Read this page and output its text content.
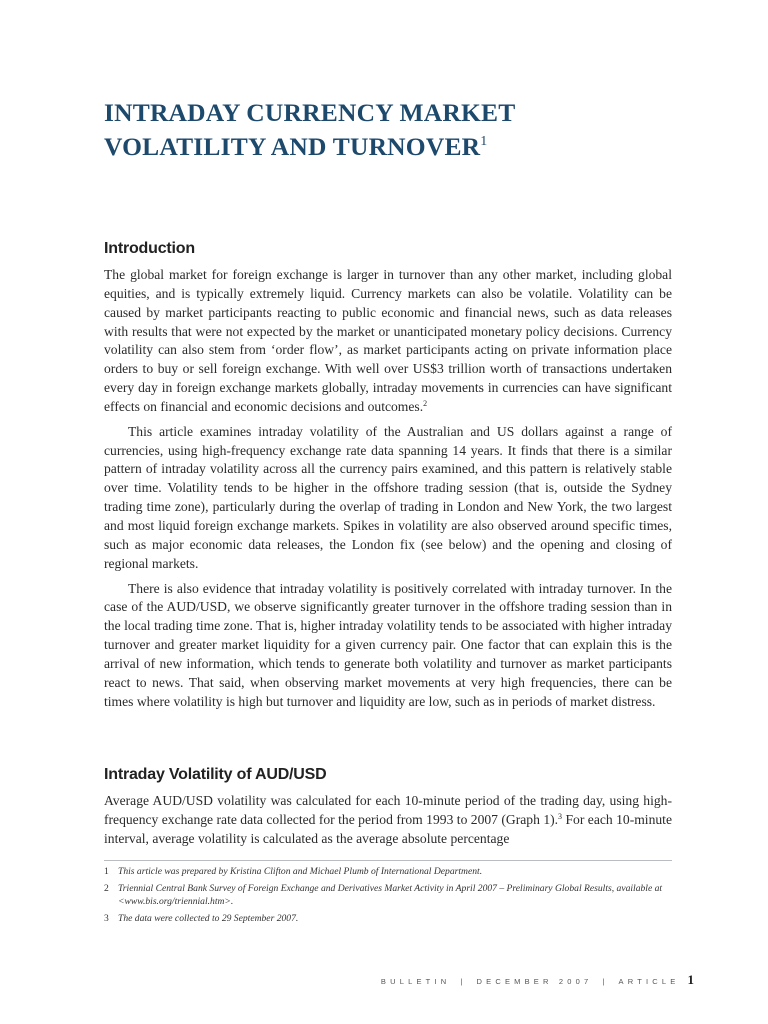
INTRADAY CURRENCY MARKET
VOLATILITY AND TURNOVER$^1$
Introduction

The global market for foreign exchange is larger in turnover than any other market, including global equities, and is typically extremely liquid. Currency markets can also be volatile. Volatility can be caused by market participants reacting to public economic and financial news, such as data releases with results that were not expected by the market or unanticipated monetary policy decisions. Currency volatility can also stem from ‘order flow’, as market participants acting on private information place orders to buy or sell foreign exchange. With well over US$3 trillion worth of transactions undertaken every day in foreign exchange markets globally, intraday movements in currencies can have significant effects on financial and economic decisions and outcomes.$^2$

This article examines intraday volatility of the Australian and US dollars against a range of currencies, using high-frequency exchange rate data spanning 14 years. It finds that there is a similar pattern of intraday volatility across all the currency pairs examined, and this pattern is relatively stable over time. Volatility tends to be higher in the offshore trading session (that is, outside the Sydney trading time zone), particularly during the overlap of trading in London and New York, the two largest and most liquid foreign exchange markets. Spikes in volatility are also observed around specific times, such as major economic data releases, the London fix (see below) and the opening and closing of regional markets.

There is also evidence that intraday volatility is positively correlated with intraday turnover. In the case of the AUD/USD, we observe significantly greater turnover in the offshore trading session than in the local trading time zone. That is, higher intraday volatility tends to be associated with higher intraday turnover and greater market liquidity for a given currency pair. One factor that can explain this is the arrival of new information, which tends to generate both volatility and turnover as market participants react to news. That said, when observing market movements at very high frequencies, there can be times where volatility is high but turnover and liquidity are low, such as in periods of market distress.

Intraday Volatility of AUD/USD

Average AUD/USD volatility was calculated for each 10-minute period of the trading day, using high-frequency exchange rate data collected for the period from 1993 to 2007 (Graph 1).$^3$ For each 10-minute interval, average volatility is calculated as the average absolute percentage

1 This article was prepared by Kristina Clifton and Michael Plumb of International Department.
2 Triennial Central Bank Survey of Foreign Exchange and Derivatives Market Activity in April 2007 – Preliminary Global Results, available at <www.bis.org/triennial.htm>.
3 The data were collected to 29 September 2007.
BULLETIN | DECEMBER 2007 | ARTICLE 1
